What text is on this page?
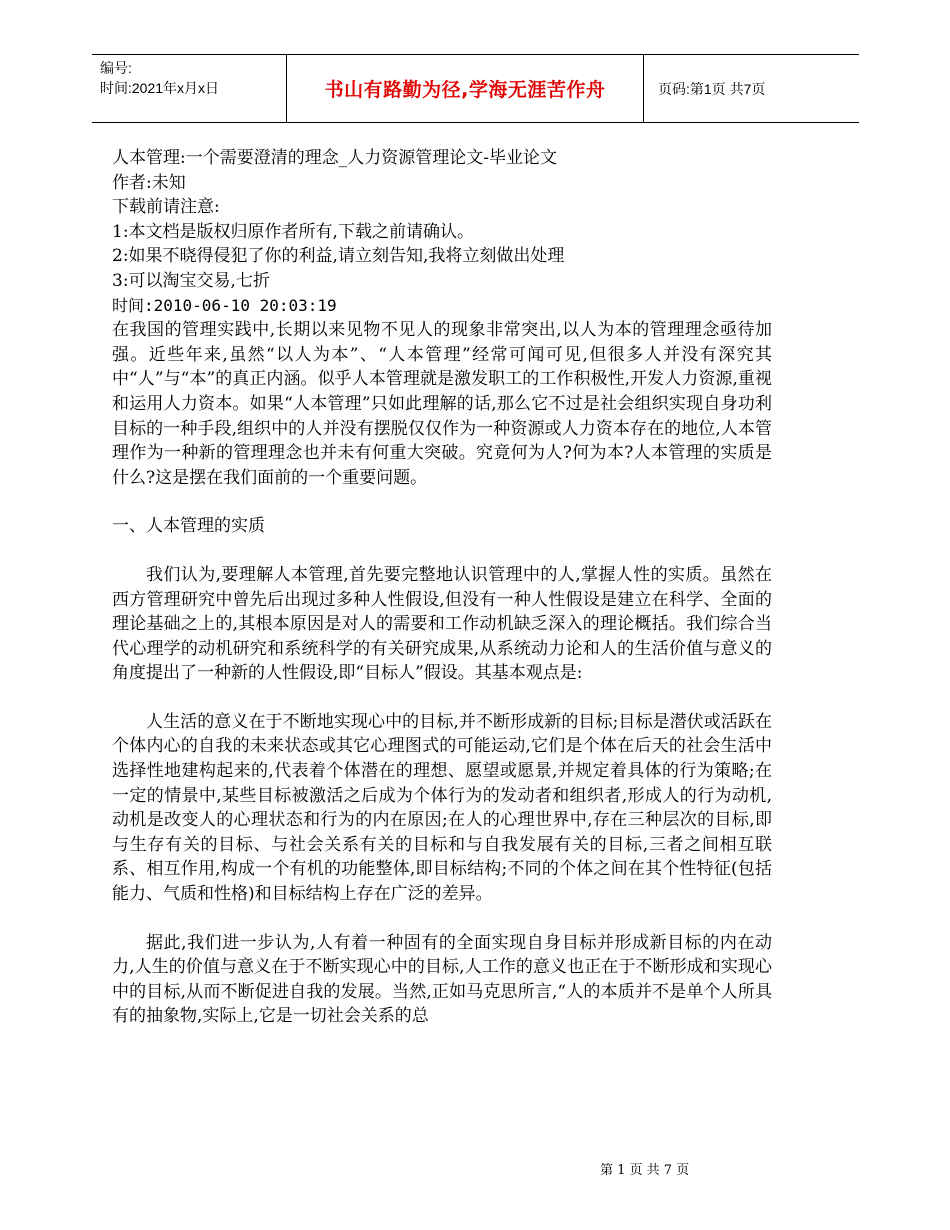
编号:
时间:2021年x月x日	书山有路勤为径,学海无涯苦作舟	页码:第1页 共7页
人本管理:一个需要澄清的理念_人力资源管理论文-毕业论文
作者:未知
下载前请注意:
1:本文档是版权归原作者所有,下载之前请确认。
2:如果不晓得侵犯了你的利益,请立刻告知,我将立刻做出处理
3:可以淘宝交易,七折
时间:2010-06-10 20:03:19

在我国的管理实践中,长期以来见物不见人的现象非常突出,以人为本的管理理念亟待加强。近些年来,虽然“以人为本”、“人本管理”经常可闻可见,但很多人并没有深究其中“人”与“本”的真正内涵。似乎人本管理就是激发职工的工作积极性,开发人力资源,重视和运用人力资本。如果“人本管理”只如此理解的话,那么它不过是社会组织实现自身功利目标的一种手段,组织中的人并没有摆脱仅仅作为一种资源或人力资本存在的地位,人本管理作为一种新的管理理念也并未有何重大突破。究竟何为人?何为本?人本管理的实质是什么?这是摆在我们面前的一个重要问题。

一、人本管理的实质

我们认为,要理解人本管理,首先要完整地认识管理中的人,掌握人性的实质。虽然在西方管理研究中曾先后出现过多种人性假设,但没有一种人性假设是建立在科学、全面的理论基础之上的,其根本原因是对人的需要和工作动机缺乏深入的理论概括。我们综合当代心理学的动机研究和系统科学的有关研究成果,从系统动力论和人的生活价值与意义的角度提出了一种新的人性假设,即“目标人”假设。其基本观点是:

人生活的意义在于不断地实现心中的目标,并不断形成新的目标;目标是潜伏或活跃在个体内心的自我的未来状态或其它心理图式的可能运动,它们是个体在后天的社会生活中选择性地建构起来的,代表着个体潜在的理想、愿望或愿景,并规定着具体的行为策略;在一定的情景中,某些目标被激活之后成为个体行为的发动者和组织者,形成人的行为动机,动机是改变人的心理状态和行为的内在原因;在人的心理世界中,存在三种层次的目标,即与生存有关的目标、与社会关系有关的目标和与自我发展有关的目标,三者之间相互联系、相互作用,构成一个有机的功能整体,即目标结构;不同的个体之间在其个性特征(包括能力、气质和性格)和目标结构上存在广泛的差异。

据此,我们进一步认为,人有着一种固有的全面实现自身目标并形成新目标的内在动力,人生的价值与意义在于不断实现心中的目标,人工作的意义也正在于不断形成和实现心中的目标,从而不断促进自我的发展。当然,正如马克思所言,“人的本质并不是单个人所具有的抽象物,实际上,它是一切社会关系的总

第 1 页 共 7 页
